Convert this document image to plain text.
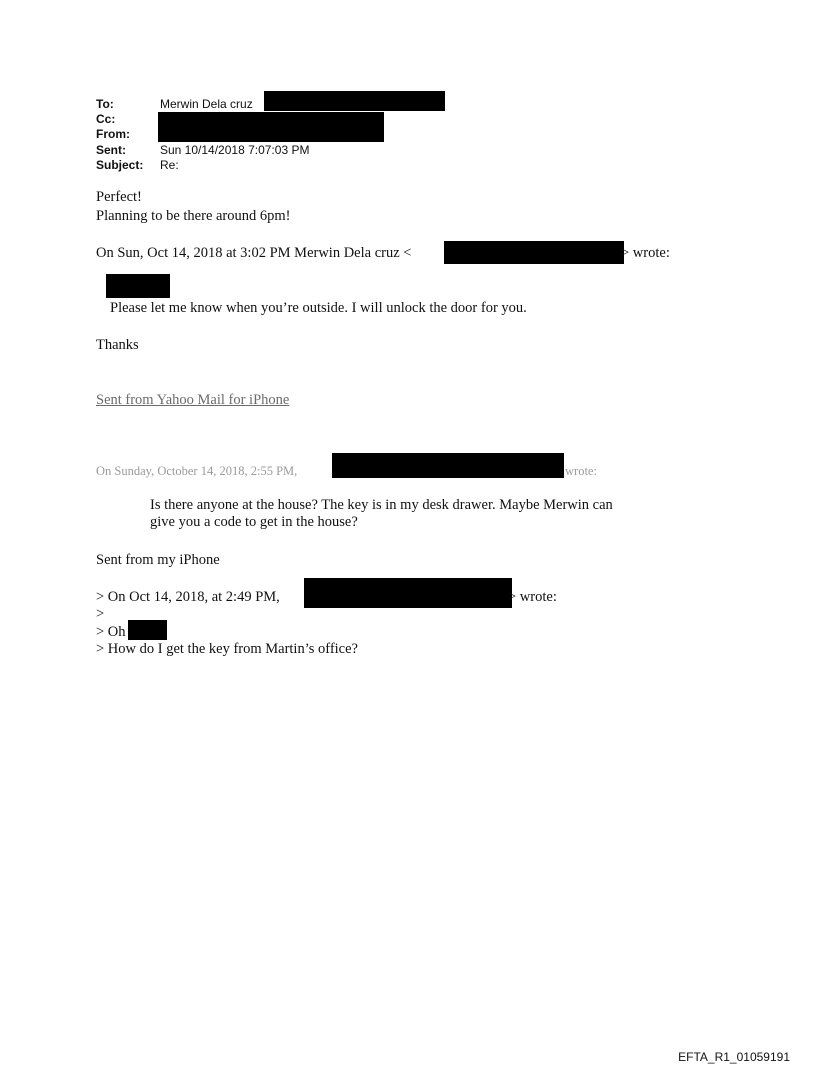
To:	Merwin Dela cruz
Cc:
From:
Sent:	Sun 10/14/2018 7:07:03 PM
Subject: Re:
Perfect!
Planning to be there around 6pm!
On Sun, Oct 14, 2018 at 3:02 PM Merwin Dela cruz <	> wrote:
Please let me know when you’re outside. I will unlock the door for you.
Thanks
Sent from Yahoo Mail for iPhone
On Sunday, October 14, 2018, 2:55 PM,	wrote:
Is there anyone at the house? The key is in my desk drawer. Maybe Merwin can
give you a code to get in the house?
Sent from my iPhone
> On Oct 14, 2018, at 2:49 PM,	> wrote:
>
> Oh
> How do I get the key from Martin’s office?
EFTA_R1_01059191
